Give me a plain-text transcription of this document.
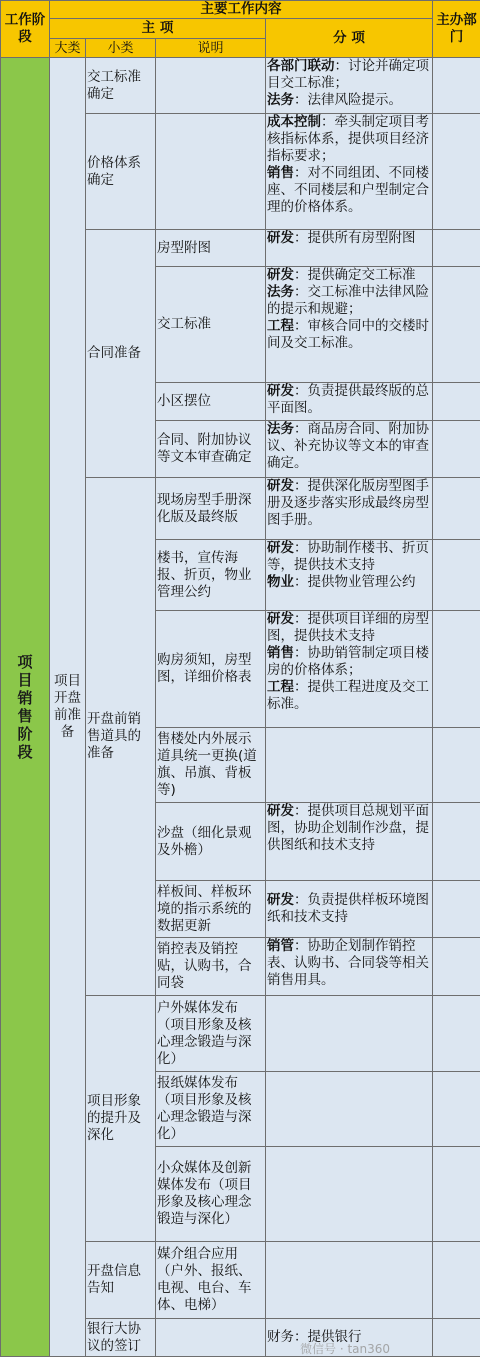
工作阶段	主要工作内容				主办部门
	主 项			分 项	
	大类	小类	说明		
项目销售阶段	项目开盘前准备	交工标准确定		各部门联动：讨论并确定项目交工标准；
法务：法律风险提示。	
		价格体系确定		成本控制：牵头制定项目考核指标体系，提供项目经济指标要求；
销售：对不同组团、不同楼座、不同楼层和户型制定合理的价格体系。	
		合同准备	房型附图	研发：提供所有房型附图	
			交工标准	研发：提供确定交工标准
法务：交工标准中法律风险的提示和规避；
工程：审核合同中的交楼时间及交工标准。	
			小区摆位	研发：负责提供最终版的总平面图。	
			合同、附加协议等文本审查确定	法务：商品房合同、附加协议、补充协议等文本的审查确定。	
		开盘前销售道具的准备	现场房型手册深化版及最终版	研发：提供深化版房型图手册及逐步落实形成最终房型图手册。	
			楼书，宣传海报、折页，物业管理公约	研发：协助制作楼书、折页等，提供技术支持
物业：提供物业管理公约	
			购房须知，房型图，详细价格表	研发：提供项目详细的房型图，提供技术支持
销售：协助销管制定项目楼房的价格体系；
工程：提供工程进度及交工标准。	
			售楼处内外展示道具统一更换(道旗、吊旗、背板等)		
			沙盘（细化景观及外檐）	研发：提供项目总规划平面图，协助企划制作沙盘，提供图纸和技术支持	
			样板间、样板环境的指示系统的数据更新	研发：负责提供样板环境图纸和技术支持	
			销控表及销控贴，认购书，合同袋	销管：协助企划制作销控表、认购书、合同袋等相关销售用具。	
		项目形象的提升及深化	户外媒体发布（项目形象及核心理念锻造与深化）		
			报纸媒体发布（项目形象及核心理念锻造与深化）		
			小众媒体及创新媒体发布（项目形象及核心理念锻造与深化）		
		开盘信息告知	媒介组合应用（户外、报纸、电视、电台、车体、电梯）		
		银行大协议的签订		财务：提供银行	
微信号 · tan360
